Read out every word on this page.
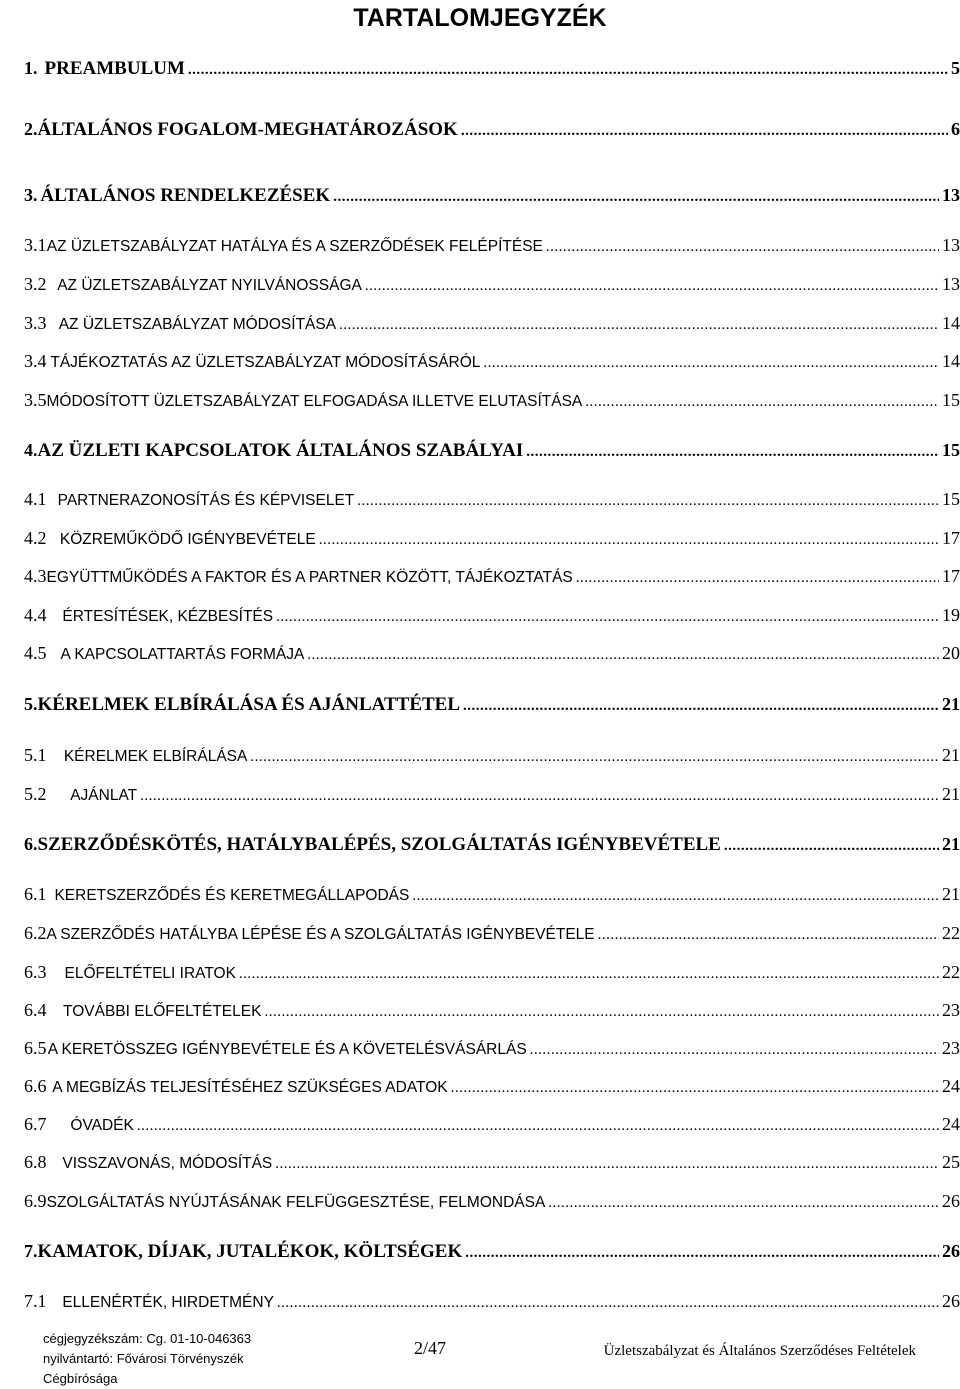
TARTALOMJEGYZÉK
1. PREAMBULUM .....	5
2. ÁLTALÁNOS FOGALOM-MEGHATÁROZÁSOK .....	6
3. ÁLTALÁNOS RENDELKEZÉSEK .....	13
3.1 AZ ÜZLETSZABÁLYZAT HATÁLYA ÉS A SZERZŐDÉSEK FELÉPÍTÉSE .....	13
3.2 AZ ÜZLETSZABÁLYZAT NYILVÁNOSSÁGA .....	13
3.3 AZ ÜZLETSZABÁLYZAT MÓDOSÍTÁSA .....	14
3.4 TÁJÉKOZTATÁS AZ ÜZLETSZABÁLYZAT MÓDOSÍTÁSÁRÓL .....	14
3.5 MÓDOSÍTOTT ÜZLETSZABÁLYZAT ELFOGADÁSA ILLETVE ELUTASÍTÁSA .....	15
4. AZ ÜZLETI KAPCSOLATOK ÁLTALÁNOS SZABÁLYAI .....	15
4.1 PARTNERAZONOSÍTÁS ÉS KÉPVISELET .....	15
4.2 KÖZREMŰKÖDŐ IGÉNYBEVÉTELE .....	17
4.3 EGYÜTTMŰKÖDÉS A FAKTOR ÉS A PARTNER KÖZÖTT, TÁJÉKOZTATÁS .....	17
4.4	ÉRTESÍTÉSEK, KÉZBESÍTÉS .....	19
4.5 A KAPCSOLATTARTÁS FORMÁJA .....	20
5. KÉRELMEK ELBÍRÁLÁSA ÉS AJÁNLATTÉTEL .....	21
5.1	KÉRELMEK ELBÍRÁLÁSA .....	21
5.2	AJÁNLAT .....	21
6. SZERZŐDÉSKÖTÉS, HATÁLYBALÉPÉS, SZOLGÁLTATÁS IGÉNYBEVÉTELE .....	21
6.1 KERETSZERZŐDÉS ÉS KERETMEGÁLLAPODÁS .....	21
6.2 A SZERZŐDÉS HATÁLYBA LÉPÉSE ÉS A SZOLGÁLTATÁS IGÉNYBEVÉTELE .....	22
6.3	ELŐFELTÉTELI IRATOK .....	22
6.4	TOVÁBBI ELŐFELTÉTELEK .....	23
6.5 A KERETÖSSZEG IGÉNYBEVÉTELE ÉS A KÖVETELÉSVÁSÁRLÁS .....	23
6.6 A MEGBÍZÁS TELJESÍTÉSÉHEZ SZÜKSÉGES ADATOK .....	24
6.7	ÓVADÉK .....	24
6.8	VISSZAVONÁS, MÓDOSÍTÁS .....	25
6.9 SZOLGÁLTATÁS NYÚJTÁSÁNAK FELFÜGGESZTÉSE, FELMONDÁSA .....	26
7. KAMATOK, DÍJAK, JUTALÉKOK, KÖLTSÉGEK .....	26
7.1	ELLENÉRTÉK, HIRDETMÉNY .....	26
cégjegyzékszám: Cg. 01-10-046363
nyilvántartó: Fővárosi Törvényszék
Cégbírósága
2/47	Üzletszabályzat és Általános Szerződéses Feltételek
